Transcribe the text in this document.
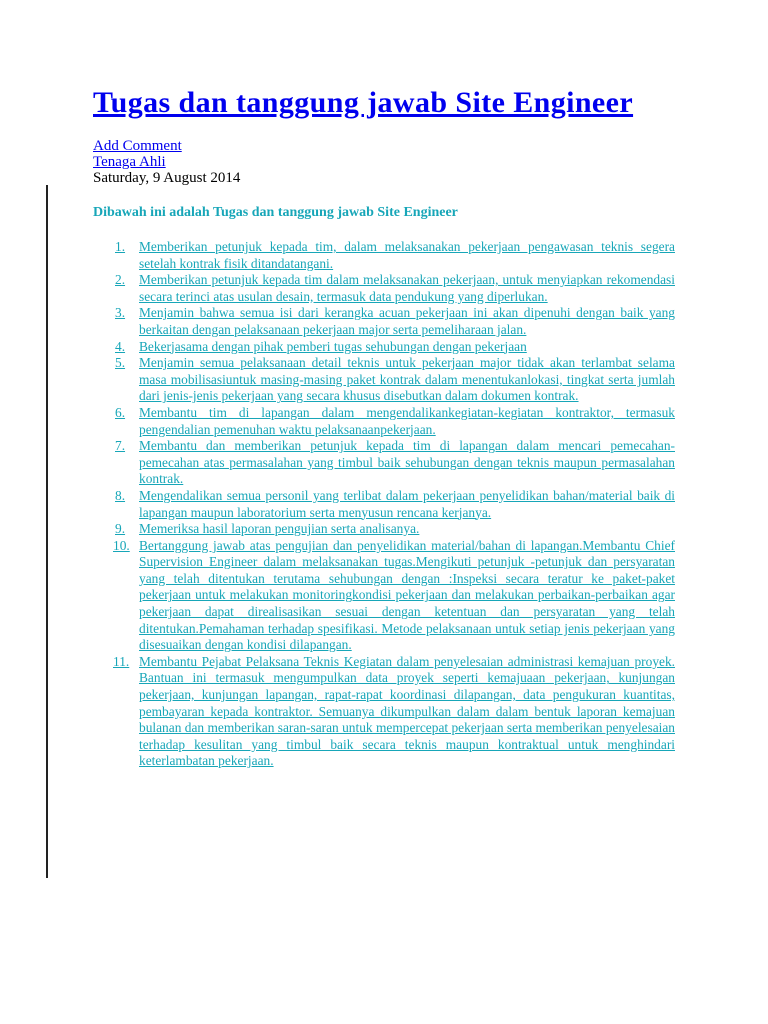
Tugas dan tanggung jawab Site Engineer
Add Comment
Tenaga Ahli
Saturday, 9 August 2014

Dibawah ini adalah Tugas dan tanggung jawab Site Engineer

1.	Memberikan petunjuk kepada tim, dalam melaksanakan pekerjaan pengawasan teknis segera setelah kontrak fisik ditandatangani.
2.	Memberikan petunjuk kepada tim dalam melaksanakan pekerjaan, untuk menyiapkan rekomendasi secara terinci atas usulan desain, termasuk data pendukung yang diperlukan.
3.	Menjamin bahwa semua isi dari kerangka acuan pekerjaan ini akan dipenuhi dengan baik yang berkaitan dengan pelaksanaan pekerjaan major serta pemeliharaan jalan.
4.	Bekerjasama dengan pihak pemberi tugas sehubungan dengan pekerjaan
5.	Menjamin semua pelaksanaan detail teknis untuk pekerjaan major tidak akan terlambat selama masa mobilisasiuntuk masing-masing paket kontrak dalam menentukanlokasi, tingkat serta jumlah dari jenis-jenis pekerjaan yang secara khusus disebutkan dalam dokumen kontrak.
6.	Membantu tim di lapangan dalam mengendalikankegiatan-kegiatan kontraktor, termasuk pengendalian pemenuhan waktu pelaksanaanpekerjaan.
7.	Membantu dan memberikan petunjuk kepada tim di lapangan dalam mencari pemecahan-pemecahan atas permasalahan yang timbul baik sehubungan dengan teknis maupun permasalahan kontrak.
8.	Mengendalikan semua personil yang terlibat dalam pekerjaan penyelidikan bahan/material baik di lapangan maupun laboratorium serta menyusun rencana kerjanya.
9.	Memeriksa hasil laporan pengujian serta analisanya.
10. Bertanggung jawab atas pengujian dan penyelidikan material/bahan di lapangan.Membantu Chief Supervision Engineer dalam melaksanakan tugas.Mengikuti petunjuk -petunjuk dan persyaratan yang telah ditentukan terutama sehubungan dengan :Inspeksi secara teratur ke paket-paket pekerjaan untuk melakukan monitoringkondisi pekerjaan dan melakukan perbaikan-perbaikan agar pekerjaan dapat direalisasikan sesuai dengan ketentuan dan persyaratan yang telah ditentukan.Pemahaman terhadap spesifikasi. Metode pelaksanaan untuk setiap jenis pekerjaan yang disesuaikan dengan kondisi dilapangan.
11. Membantu Pejabat Pelaksana Teknis Kegiatan dalam penyelesaian administrasi kemajuan proyek. Bantuan ini termasuk mengumpulkan data proyek seperti kemajuaan pekerjaan, kunjungan pekerjaan, kunjungan lapangan, rapat-rapat koordinasi dilapangan, data pengukuran kuantitas, pembayaran kepada kontraktor. Semuanya dikumpulkan dalam dalam bentuk laporan kemajuan bulanan dan memberikan saran-saran untuk mempercepat pekerjaan serta memberikan penyelesaian terhadap kesulitan yang timbul baik secara teknis maupun kontraktual untuk menghindari keterlambatan pekerjaan.
